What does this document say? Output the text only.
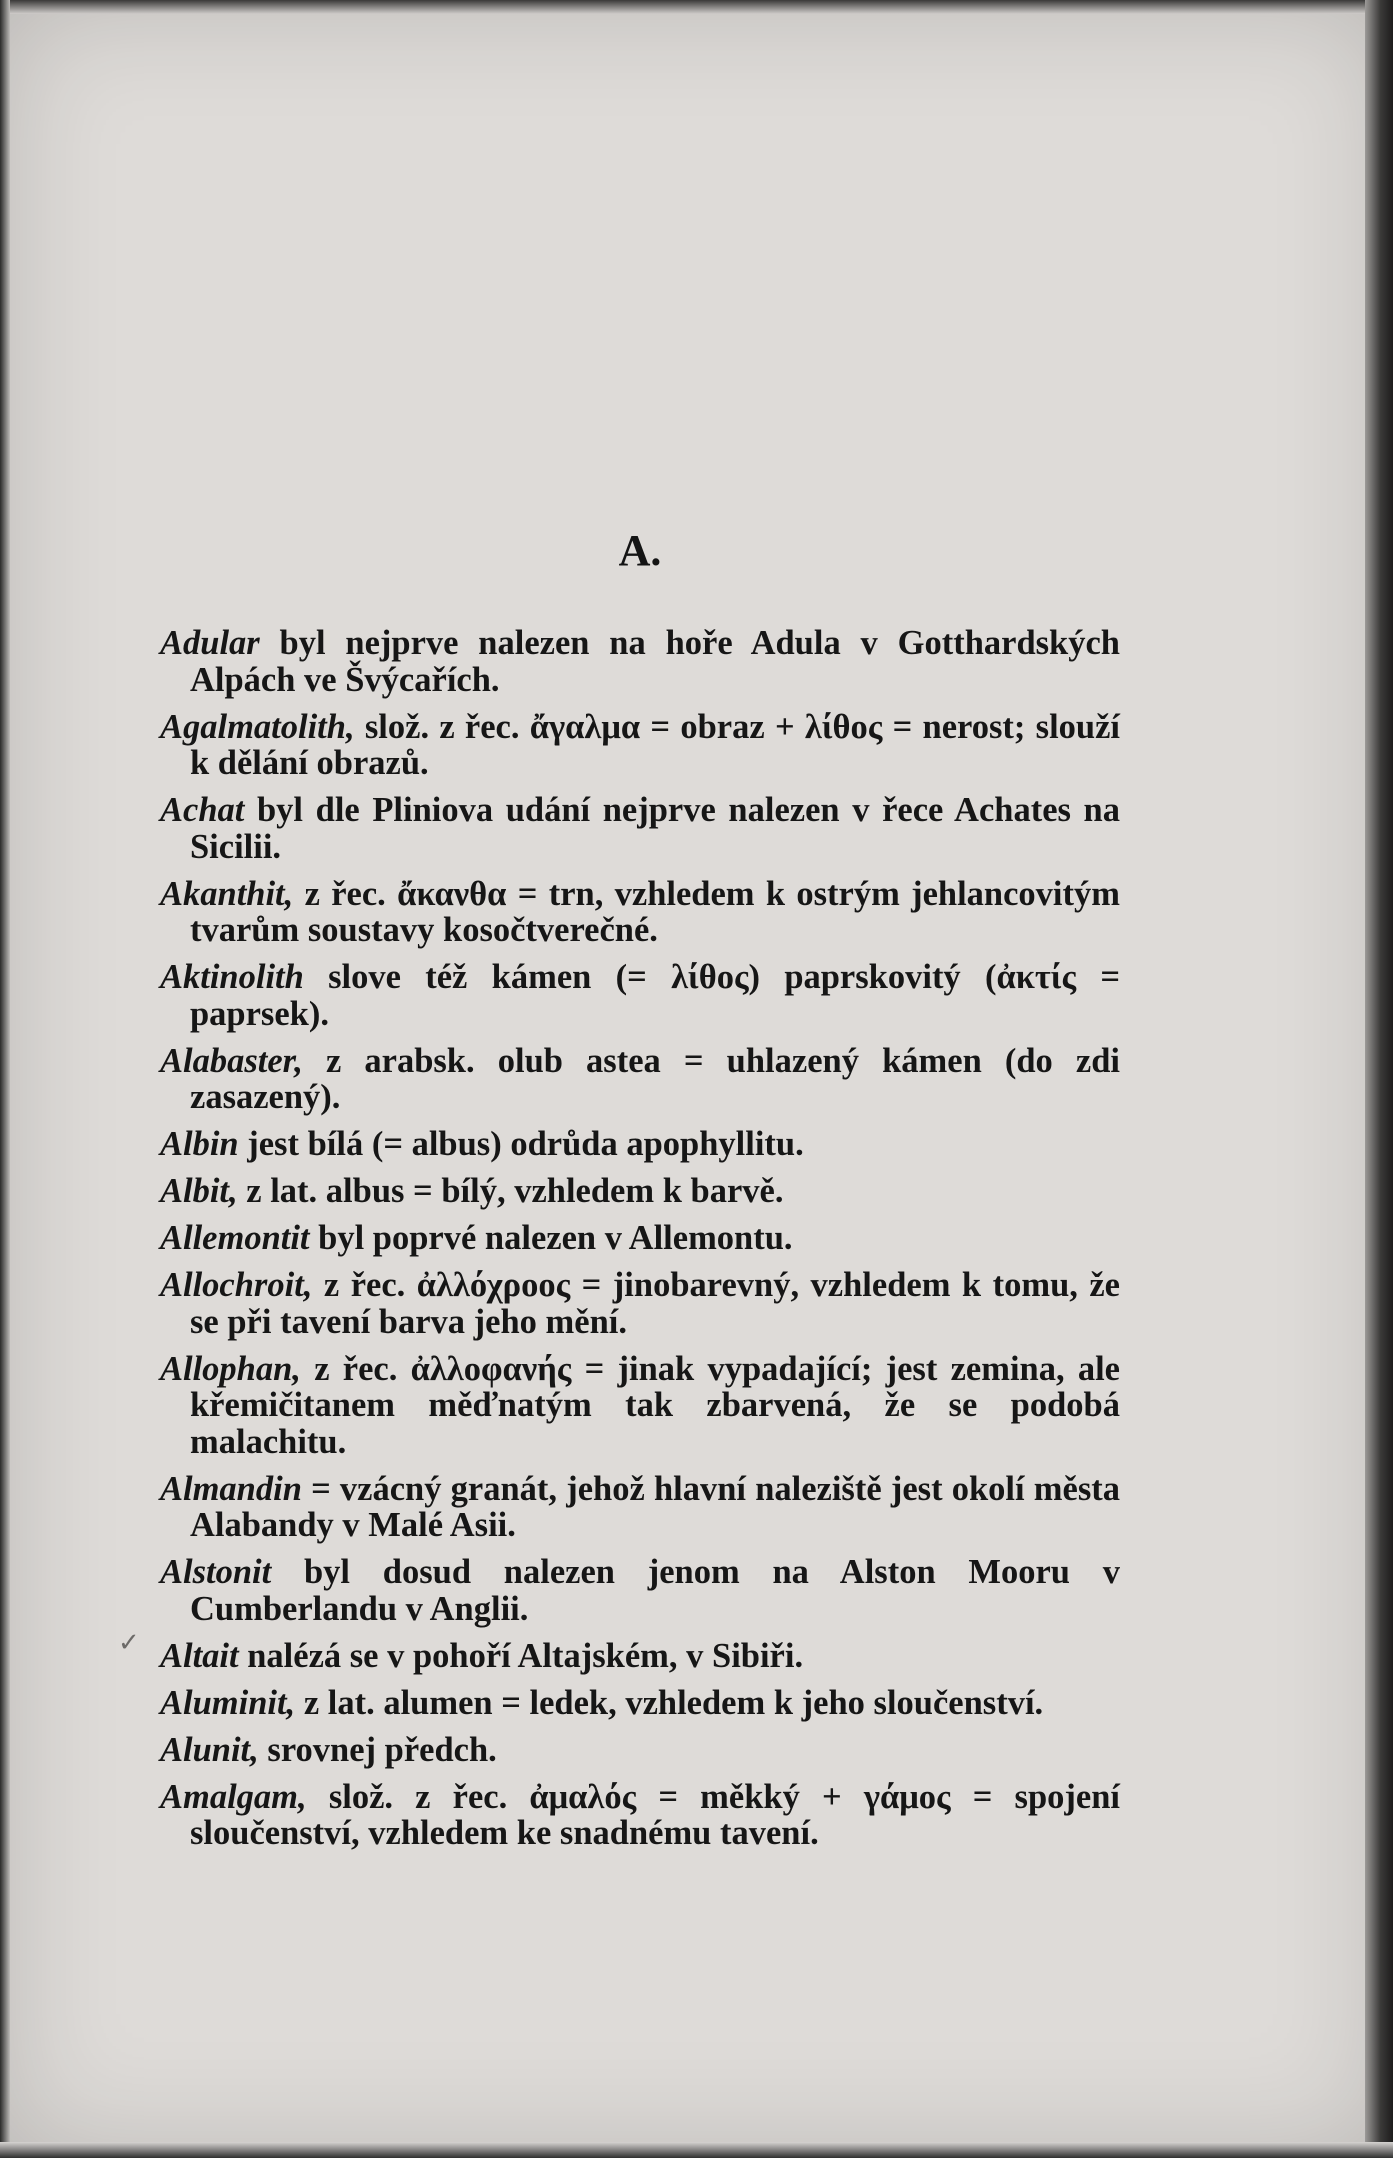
A.
Adular byl nejprve nalezen na hoře Adula v Gotthardských Alpách ve Švýcařích.
Agalmatolith, slož. z řec. ἄγαλμα = obraz + λίθος = nerost; slouží k dělání obrazů.
Achat byl dle Pliniova udání nejprve nalezen v řece Achates na Sicilii.
Akanthit, z řec. ἄκανθα = trn, vzhledem k ostrým jehlancovitým tvarům soustavy kosočtverečné.
Aktinolith slove též kámen (= λίθος) paprskovitý (ἀκτίς = paprsek).
Alabaster, z arabsk. olub astea = uhlazený kámen (do zdi zasazený).
Albin jest bílá (= albus) odrůda apophyllitu.
Albit, z lat. albus = bílý, vzhledem k barvě.
Allemontit byl poprvé nalezen v Allemontu.
Allochroit, z řec. ἀλλόχροος = jinobarevný, vzhledem k tomu, že se při tavení barva jeho mění.
Allophan, z řec. ἀλλοφανής = jinak vypadající; jest zemina, ale křemičitanem měďnatým tak zbarvená, že se podobá malachitu.
Almandin = vzácný granát, jehož hlavní naleziště jest okolí města Alabandy v Malé Asii.
Alstonit byl dosud nalezen jenom na Alston Mooru v Cumberlandu v Anglii.
Altait nalézá se v pohoří Altajském, v Sibiři.
Aluminit, z lat. alumen = ledek, vzhledem k jeho sloučenství.
Alunit, srovnej předch.
Amalgam, slož. z řec. ἀμαλός = měkký + γάμος = spojení sloučenství, vzhledem ke snadnému tavení.
✓
